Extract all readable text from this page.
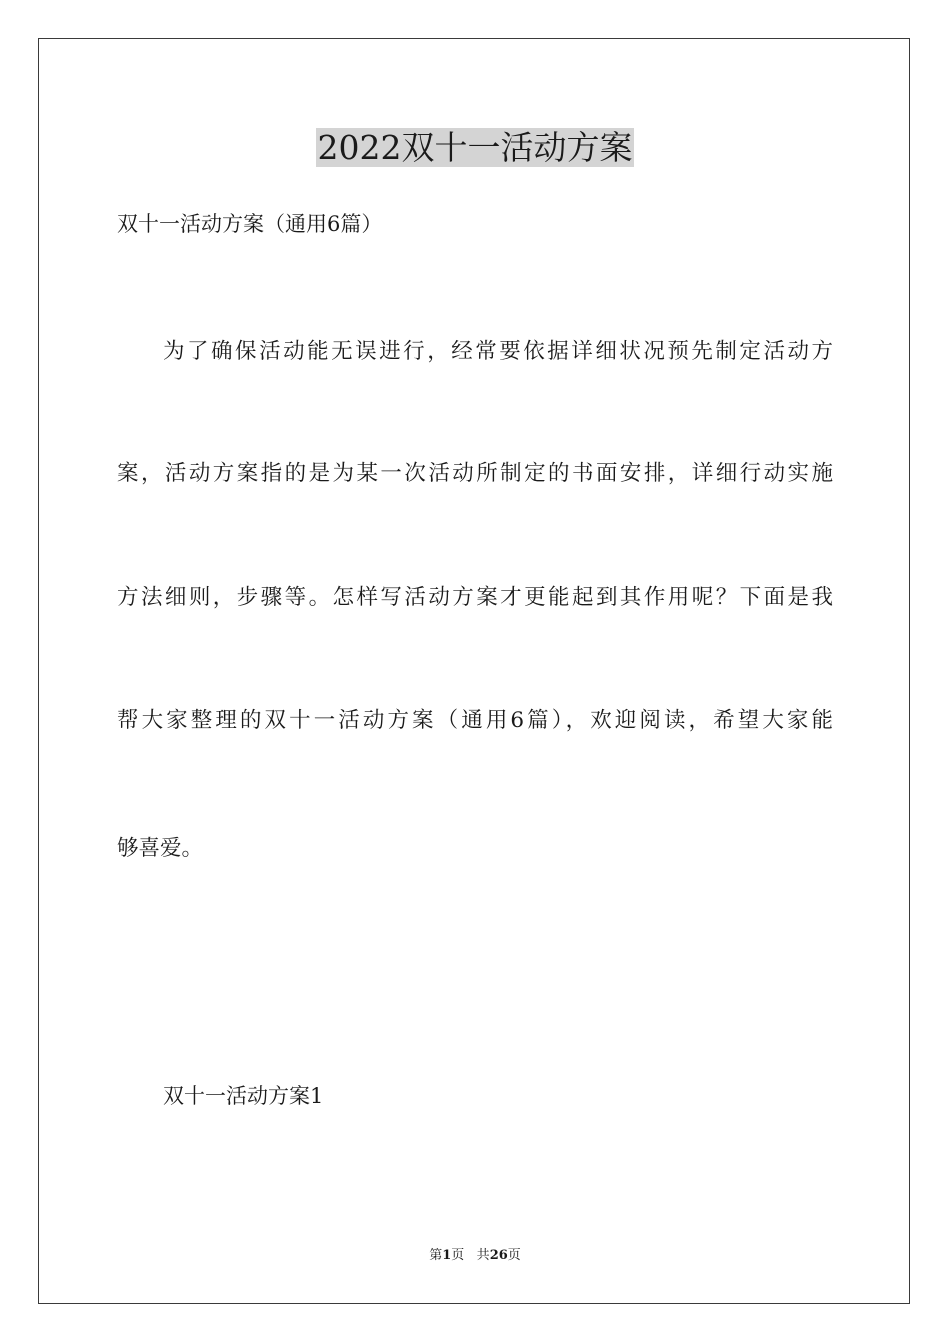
2022双十一活动方案
双十一活动方案（通用6篇）
为了确保活动能无误进行，经常要依据详细状况预先制定活动方
案，活动方案指的是为某一次活动所制定的书面安排，详细行动实施
方法细则，步骤等。怎样写活动方案才更能起到其作用呢？下面是我
帮大家整理的双十一活动方案（通用6篇），欢迎阅读，希望大家能
够喜爱。
双十一活动方案1
第1页 共26页
